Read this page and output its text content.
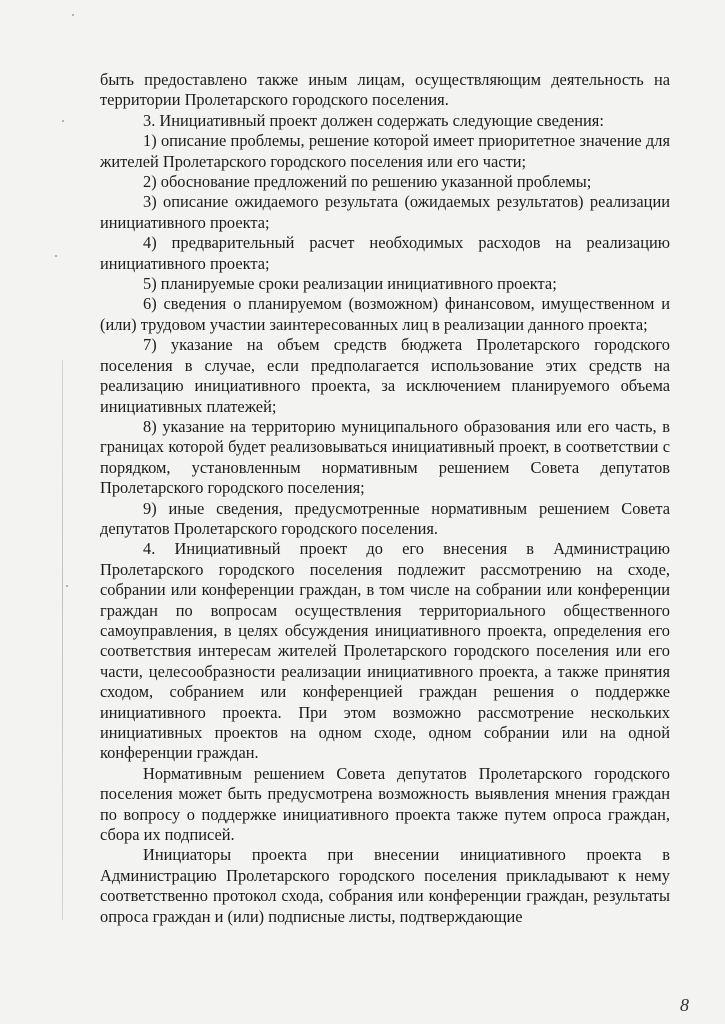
быть предоставлено также иным лицам, осуществляющим деятельность на территории Пролетарского городского поселения.

3. Инициативный проект должен содержать следующие сведения:

1) описание проблемы, решение которой имеет приоритетное значение для жителей Пролетарского городского поселения или его части;

2) обоснование предложений по решению указанной проблемы;

3) описание ожидаемого результата (ожидаемых результатов) реализации инициативного проекта;

4) предварительный расчет необходимых расходов на реализацию инициативного проекта;

5) планируемые сроки реализации инициативного проекта;

6) сведения о планируемом (возможном) финансовом, имущественном и (или) трудовом участии заинтересованных лиц в реализации данного проекта;

7) указание на объем средств бюджета Пролетарского городского поселения в случае, если предполагается использование этих средств на реализацию инициативного проекта, за исключением планируемого объема инициативных платежей;

8) указание на территорию муниципального образования или его часть, в границах которой будет реализовываться инициативный проект, в соответствии с порядком, установленным нормативным решением Совета депутатов Пролетарского городского поселения;

9) иные сведения, предусмотренные нормативным решением Совета депутатов Пролетарского городского поселения.

4. Инициативный проект до его внесения в Администрацию Пролетарского городского поселения подлежит рассмотрению на сходе, собрании или конференции граждан, в том числе на собрании или конференции граждан по вопросам осуществления территориального общественного самоуправления, в целях обсуждения инициативного проекта, определения его соответствия интересам жителей Пролетарского городского поселения или его части, целесообразности реализации инициативного проекта, а также принятия сходом, собранием или конференцией граждан решения о поддержке инициативного проекта. При этом возможно рассмотрение нескольких инициативных проектов на одном сходе, одном собрании или на одной конференции граждан.

Нормативным решением Совета депутатов Пролетарского городского поселения может быть предусмотрена возможность выявления мнения граждан по вопросу о поддержке инициативного проекта также путем опроса граждан, сбора их подписей.

Инициаторы проекта при внесении инициативного проекта в Администрацию Пролетарского городского поселения прикладывают к нему соответственно протокол схода, собрания или конференции граждан, результаты опроса граждан и (или) подписные листы, подтверждающие

8
